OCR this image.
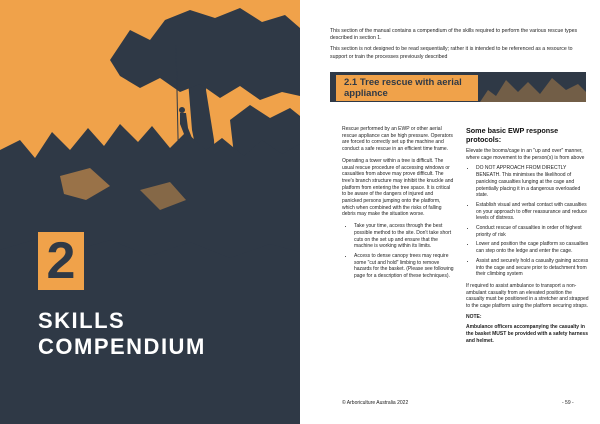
2
SKILLS
COMPENDIUM

This section of the manual contains a compendium of the skills required to perform the various rescue types described in section 1.

This section is not designed to be read sequentially; rather it is intended to be referenced as a resource to support or train the processes previously described

2.1 Tree rescue with aerial appliance

Rescue performed by an EWP or other aerial rescue appliance can be high pressure. Operators are forced to correctly set up the machine and conduct a safe rescue in an efficient time frame.

Operating a tower within a tree is difficult. The usual rescue procedure of accessing windows or casualties from above may prove difficult. The tree's branch structure may inhibit the knuckle and platform from entering the tree space. It is critical to be aware of the dangers of injured and panicked persons jumping onto the platform, which when combined with the risks of falling debris may make the situation worse.

• Take your time, access through the best possible method to the site. Don't take short cuts on the set up and ensure that the machine is working within its limits.
• Access to dense canopy trees may require some "cut and hold" limbing to remove hazards for the basket. (Please see following page for a description of these techniques).
Some basic EWP response protocols:

Elevate the booms/cage in an "up and over" manner, where cage movement to the person(s) is from above

• DO NOT APPROACH FROM DIRECTLY BENEATH. This minimises the likelihood of panicking casualties lunging at the cage and potentially placing it in a dangerous overloaded state.
• Establish visual and verbal contact with casualties on your approach to offer reassurance and reduce levels of distress.
• Conduct rescue of casualties in order of highest priority of risk
• Lower and position the cage platform so casualties can step onto the ledge and enter the cage.
• Assist and securely hold a casualty gaining access into the cage and secure prior to detachment from their climbing system

If required to assist ambulance to transport a non-ambulant casualty from an elevated position the casualty must be positioned in a stretcher and strapped to the cage platform using the platform securing straps.

NOTE:

Ambulance officers accompanying the casualty in the basket MUST be provided with a safety harness and helmet.

© Arboriculture Australia 2022	- 59 -
